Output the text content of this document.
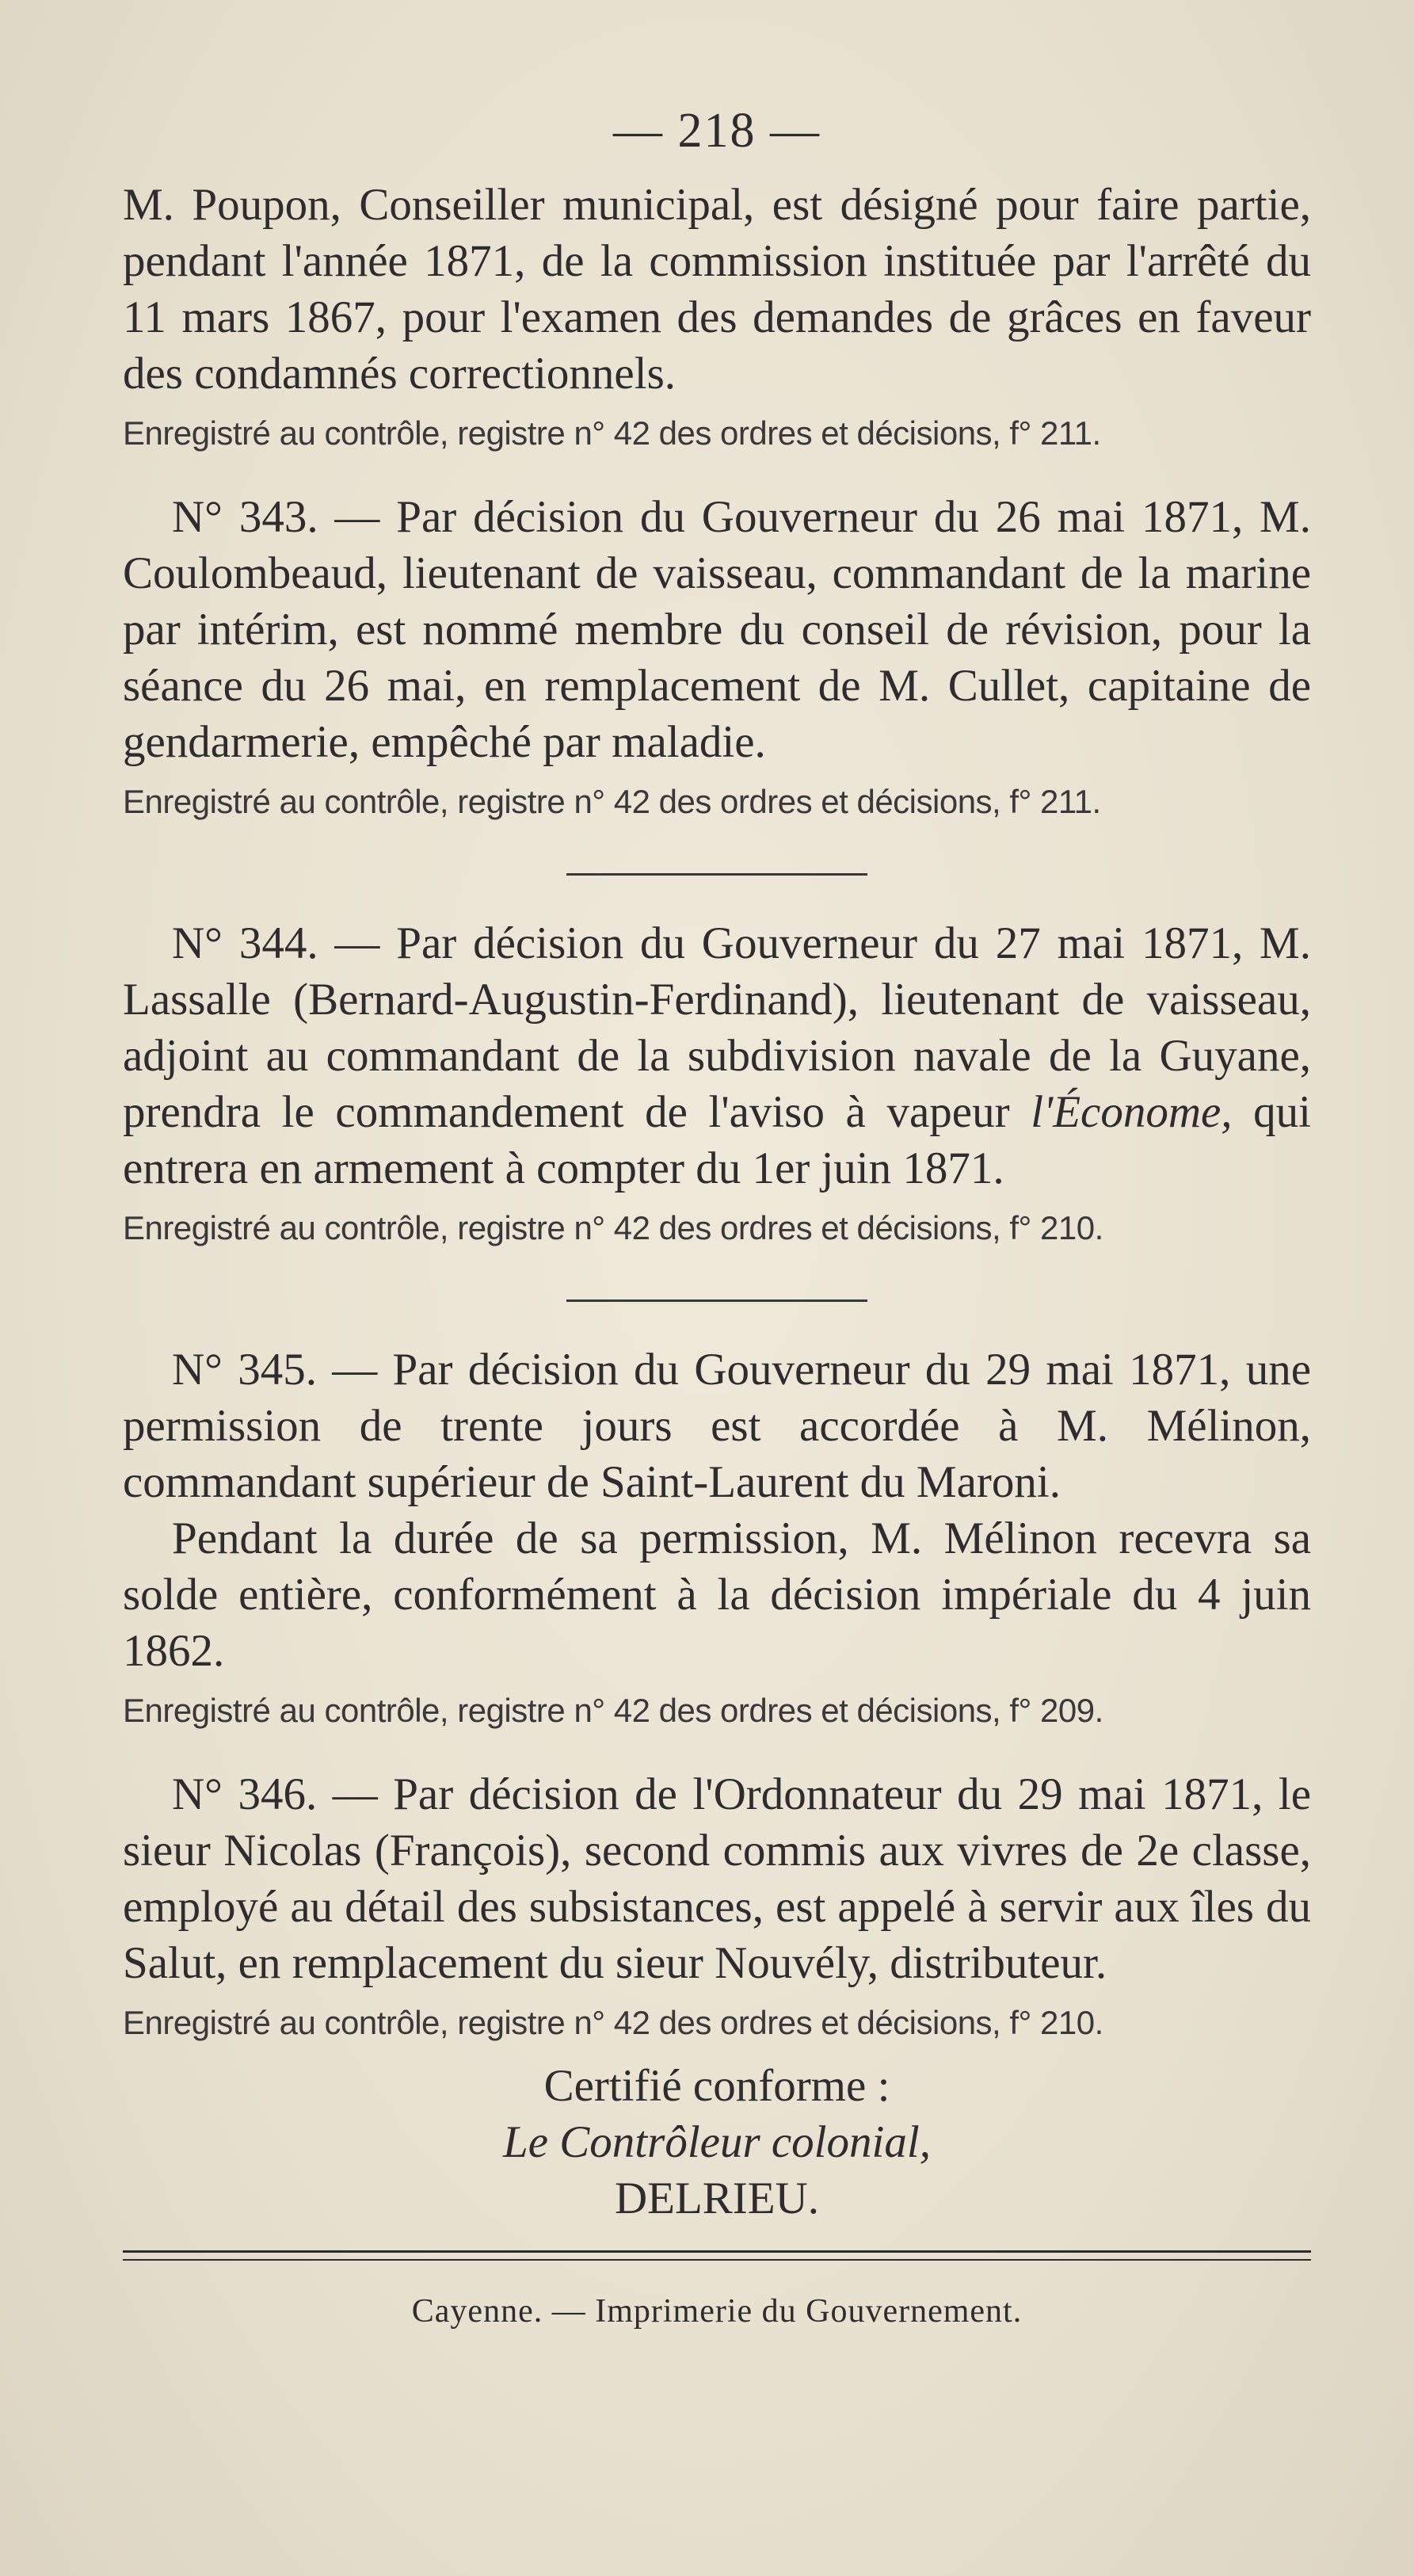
— 218 —

M. Poupon, Conseiller municipal, est désigné pour faire partie, pendant l'année 1871, de la commission instituée par l'arrêté du 11 mars 1867, pour l'examen des demandes de grâces en faveur des condamnés correctionnels.

Enregistré au contrôle, registre n° 42 des ordres et décisions, f° 211.

N° 343. — Par décision du Gouverneur du 26 mai 1871, M. Coulombeaud, lieutenant de vaisseau, commandant de la marine par intérim, est nommé membre du conseil de révision, pour la séance du 26 mai, en remplacement de M. Cullet, capitaine de gendarmerie, empêché par maladie.

Enregistré au contrôle, registre n° 42 des ordres et décisions, f° 211.

N° 344. — Par décision du Gouverneur du 27 mai 1871, M. Lassalle (Bernard-Augustin-Ferdinand), lieutenant de vaisseau, adjoint au commandant de la subdivision navale de la Guyane, prendra le commandement de l'aviso à vapeur l'Économe, qui entrera en armement à compter du 1er juin 1871.

Enregistré au contrôle, registre n° 42 des ordres et décisions, f° 210.

N° 345. — Par décision du Gouverneur du 29 mai 1871, une permission de trente jours est accordée à M. Mélinon, commandant supérieur de Saint-Laurent du Maroni.

Pendant la durée de sa permission, M. Mélinon recevra sa solde entière, conformément à la décision impériale du 4 juin 1862.

Enregistré au contrôle, registre n° 42 des ordres et décisions, f° 209.

N° 346. — Par décision de l'Ordonnateur du 29 mai 1871, le sieur Nicolas (François), second commis aux vivres de 2e classe, employé au détail des subsistances, est appelé à servir aux îles du Salut, en remplacement du sieur Nouvély, distributeur.

Enregistré au contrôle, registre n° 42 des ordres et décisions, f° 210.

Certifié conforme :

Le Contrôleur colonial,

DELRIEU.

Cayenne. — Imprimerie du Gouvernement.
